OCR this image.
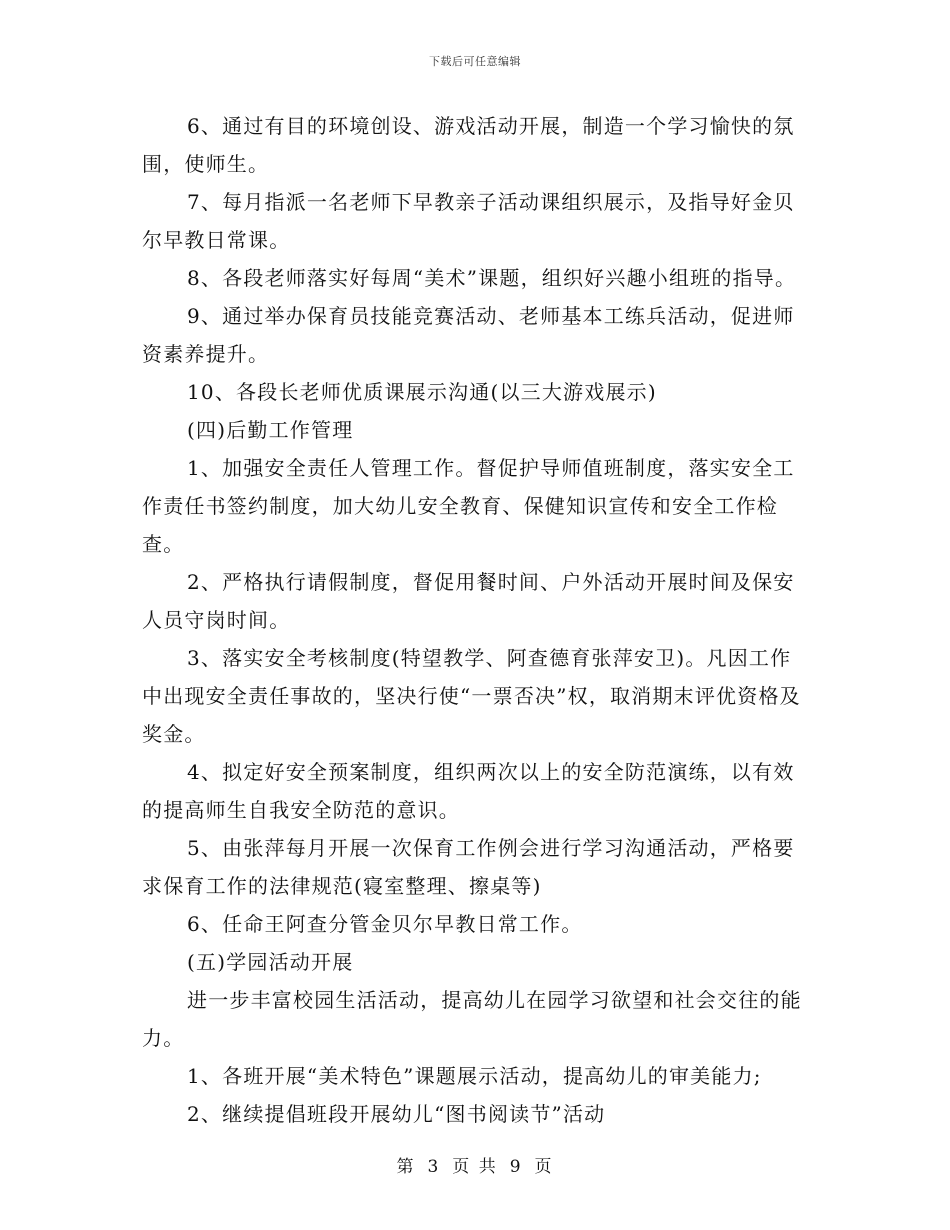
下载后可任意编辑

6、通过有目的环境创设、游戏活动开展，制造一个学习愉快的氛围，使师生。

7、每月指派一名老师下早教亲子活动课组织展示，及指导好金贝尔早教日常课。

8、各段老师落实好每周“美术”课题，组织好兴趣小组班的指导。

9、通过举办保育员技能竞赛活动、老师基本工练兵活动，促进师资素养提升。

10、各段长老师优质课展示沟通(以三大游戏展示)

(四)后勤工作管理

1、加强安全责任人管理工作。督促护导师值班制度，落实安全工作责任书签约制度，加大幼儿安全教育、保健知识宣传和安全工作检查。

2、严格执行请假制度，督促用餐时间、户外活动开展时间及保安人员守岗时间。

3、落实安全考核制度(特望教学、阿查德育张萍安卫)。凡因工作中出现安全责任事故的，坚决行使“一票否决”权，取消期末评优资格及奖金。

4、拟定好安全预案制度，组织两次以上的安全防范演练，以有效的提高师生自我安全防范的意识。

5、由张萍每月开展一次保育工作例会进行学习沟通活动，严格要求保育工作的法律规范(寝室整理、擦桌等)

6、任命王阿查分管金贝尔早教日常工作。

(五)学园活动开展

进一步丰富校园生活活动，提高幼儿在园学习欲望和社会交往的能力。

1、各班开展“美术特色”课题展示活动，提高幼儿的审美能力;

2、继续提倡班段开展幼儿“图书阅读节”活动

第 3 页 共 9 页
